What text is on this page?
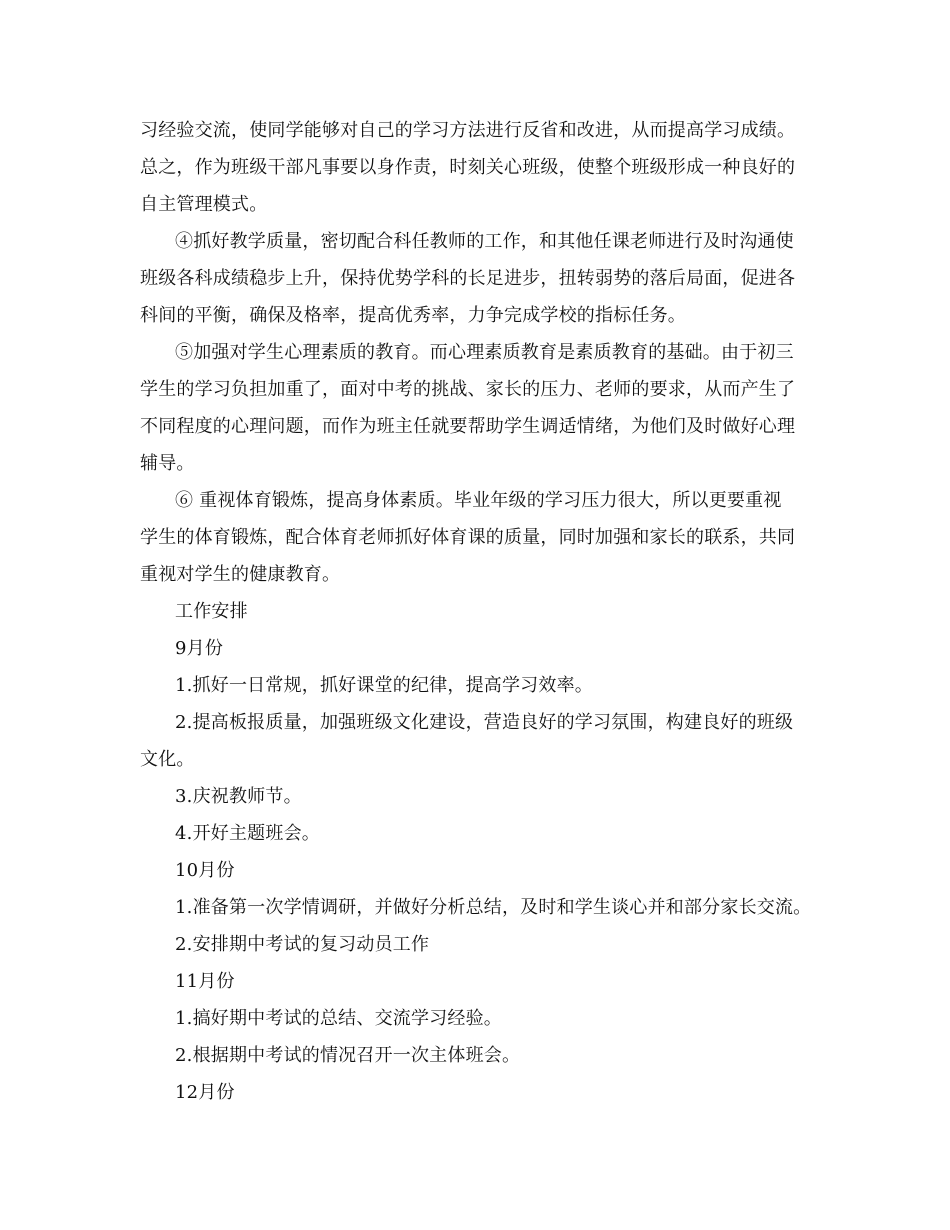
习经验交流，使同学能够对自己的学习方法进行反省和改进，从而提高学习成绩。
总之，作为班级干部凡事要以身作责，时刻关心班级，使整个班级形成一种良好的
自主管理模式。

④抓好教学质量，密切配合科任教师的工作，和其他任课老师进行及时沟通使
班级各科成绩稳步上升，保持优势学科的长足进步，扭转弱势的落后局面，促进各
科间的平衡，确保及格率，提高优秀率，力争完成学校的指标任务。

⑤加强对学生心理素质的教育。而心理素质教育是素质教育的基础。由于初三
学生的学习负担加重了，面对中考的挑战、家长的压力、老师的要求，从而产生了
不同程度的心理问题，而作为班主任就要帮助学生调适情绪，为他们及时做好心理
辅导。

⑥ 重视体育锻炼，提高身体素质。毕业年级的学习压力很大，所以更要重视
学生的体育锻炼，配合体育老师抓好体育课的质量，同时加强和家长的联系，共同
重视对学生的健康教育。

工作安排

9月份

1.抓好一日常规，抓好课堂的纪律，提高学习效率。

2.提高板报质量，加强班级文化建设，营造良好的学习氛围，构建良好的班级
文化。

3.庆祝教师节。

4.开好主题班会。

10月份

1.准备第一次学情调研，并做好分析总结，及时和学生谈心并和部分家长交流。

2.安排期中考试的复习动员工作

11月份

1.搞好期中考试的总结、交流学习经验。

2.根据期中考试的情况召开一次主体班会。

12月份
